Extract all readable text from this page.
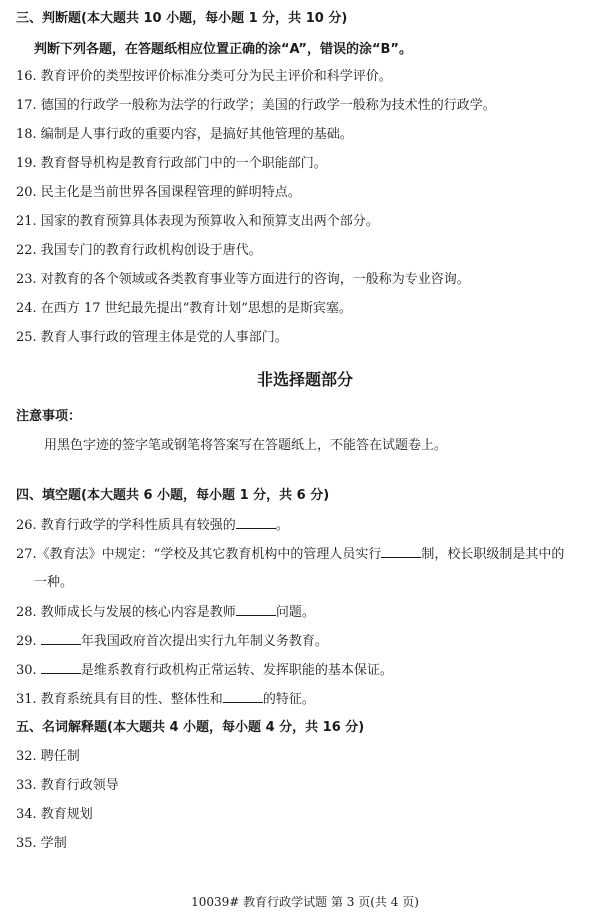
三、判断题(本大题共 10 小题，每小题 1 分，共 10 分)
判断下列各题，在答题纸相应位置正确的涂“A”，错误的涂“B”。
16. 教育评价的类型按评价标准分类可分为民主评价和科学评价。
17. 德国的行政学一般称为法学的行政学；美国的行政学一般称为技术性的行政学。
18. 编制是人事行政的重要内容，是搞好其他管理的基础。
19. 教育督导机构是教育行政部门中的一个职能部门。
20. 民主化是当前世界各国课程管理的鲜明特点。
21. 国家的教育预算具体表现为预算收入和预算支出两个部分。
22. 我国专门的教育行政机构创设于唐代。
23. 对教育的各个领域或各类教育事业等方面进行的咨询，一般称为专业咨询。
24. 在西方 17 世纪最先提出“教育计划”思想的是斯宾塞。
25. 教育人事行政的管理主体是党的人事部门。
非选择题部分
注意事项：
用黑色字迹的签字笔或钢笔将答案写在答题纸上，不能答在试题卷上。
四、填空题(本大题共 6 小题，每小题 1 分，共 6 分)
26. 教育行政学的学科性质具有较强的	。
27.《教育法》中规定：“学校及其它教育机构中的管理人员实行	制，校长职级制是其中的
一种。
28. 教师成长与发展的核心内容是教师	问题。
29.	年我国政府首次提出实行九年制义务教育。
30.	是维系教育行政机构正常运转、发挥职能的基本保证。
31. 教育系统具有目的性、整体性和	的特征。
五、名词解释题(本大题共 4 小题，每小题 4 分，共 16 分)
32. 聘任制
33. 教育行政领导
34. 教育规划
35. 学制
10039# 教育行政学试题 第 3 页(共 4 页)
